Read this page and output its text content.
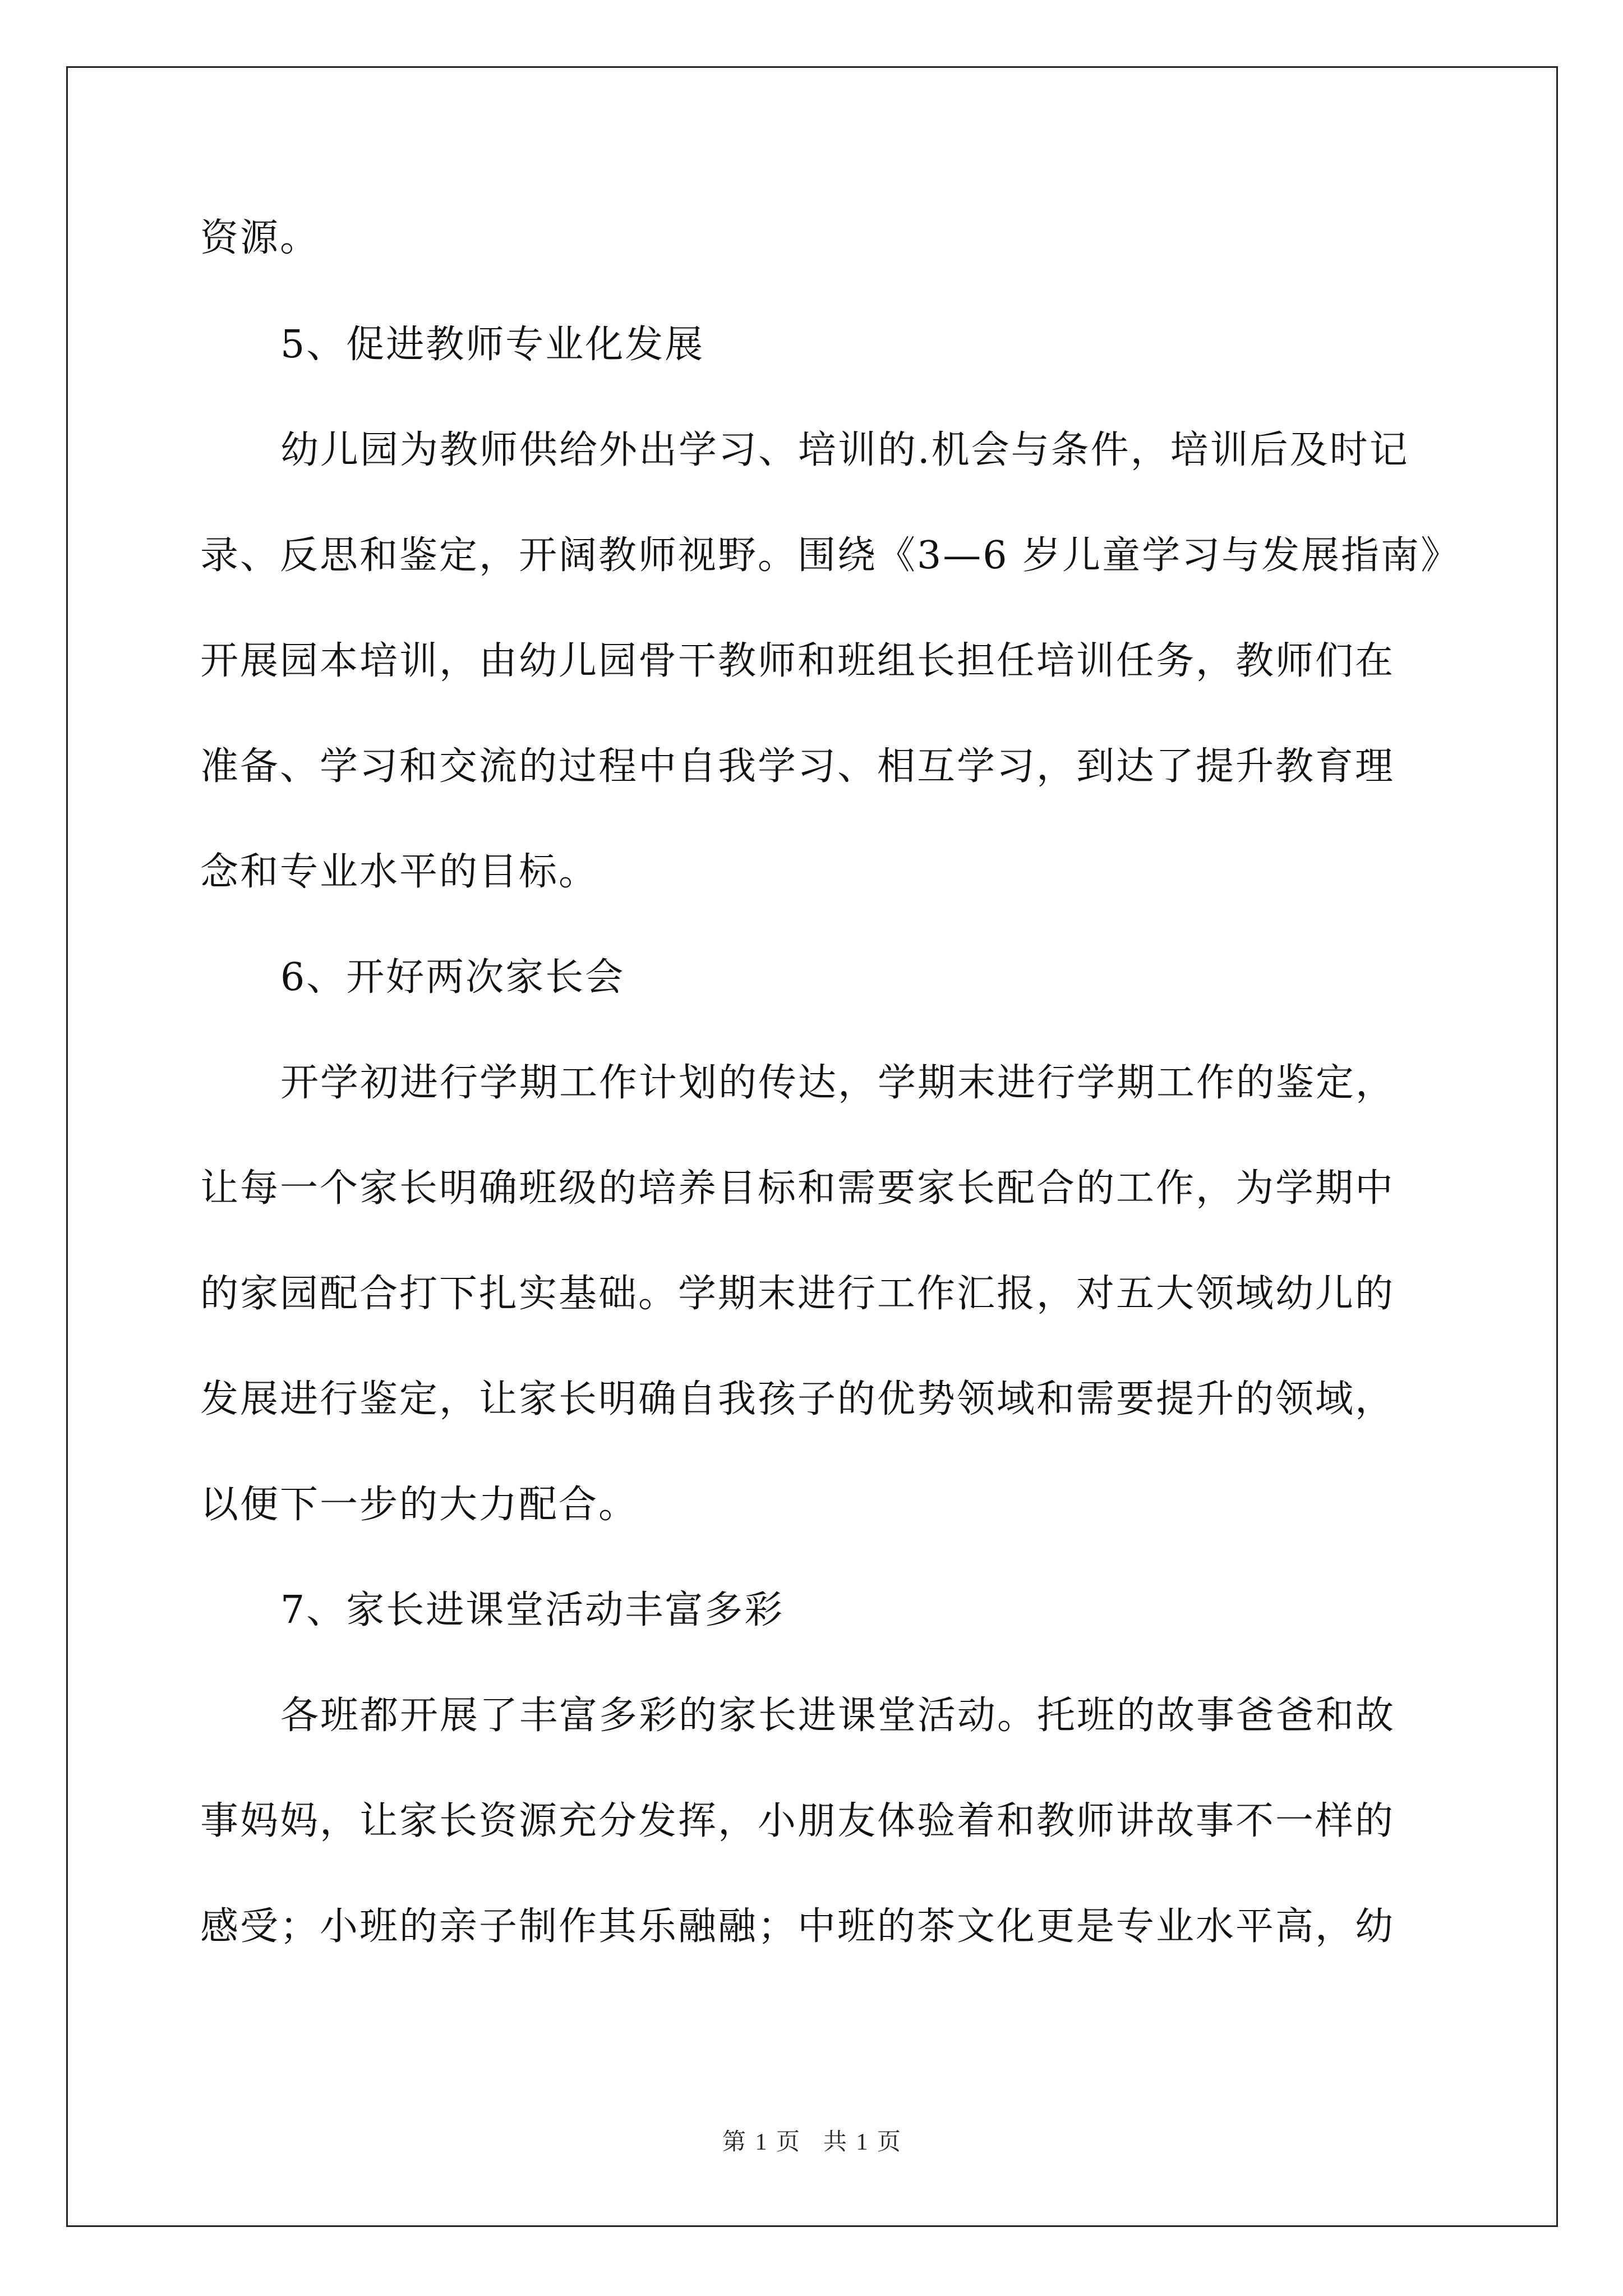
资源。
5、促进教师专业化发展
幼儿园为教师供给外出学习、培训的.机会与条件，培训后及时记
录、反思和鉴定，开阔教师视野。围绕《3—6 岁儿童学习与发展指南》
开展园本培训，由幼儿园骨干教师和班组长担任培训任务，教师们在
准备、学习和交流的过程中自我学习、相互学习，到达了提升教育理
念和专业水平的目标。
6、开好两次家长会
开学初进行学期工作计划的传达，学期末进行学期工作的鉴定，
让每一个家长明确班级的培养目标和需要家长配合的工作，为学期中
的家园配合打下扎实基础。学期末进行工作汇报，对五大领域幼儿的
发展进行鉴定，让家长明确自我孩子的优势领域和需要提升的领域，
以便下一步的大力配合。
7、家长进课堂活动丰富多彩
各班都开展了丰富多彩的家长进课堂活动。托班的故事爸爸和故
事妈妈，让家长资源充分发挥，小朋友体验着和教师讲故事不一样的
感受；小班的亲子制作其乐融融；中班的茶文化更是专业水平高，幼
第 1 页　共 1 页
